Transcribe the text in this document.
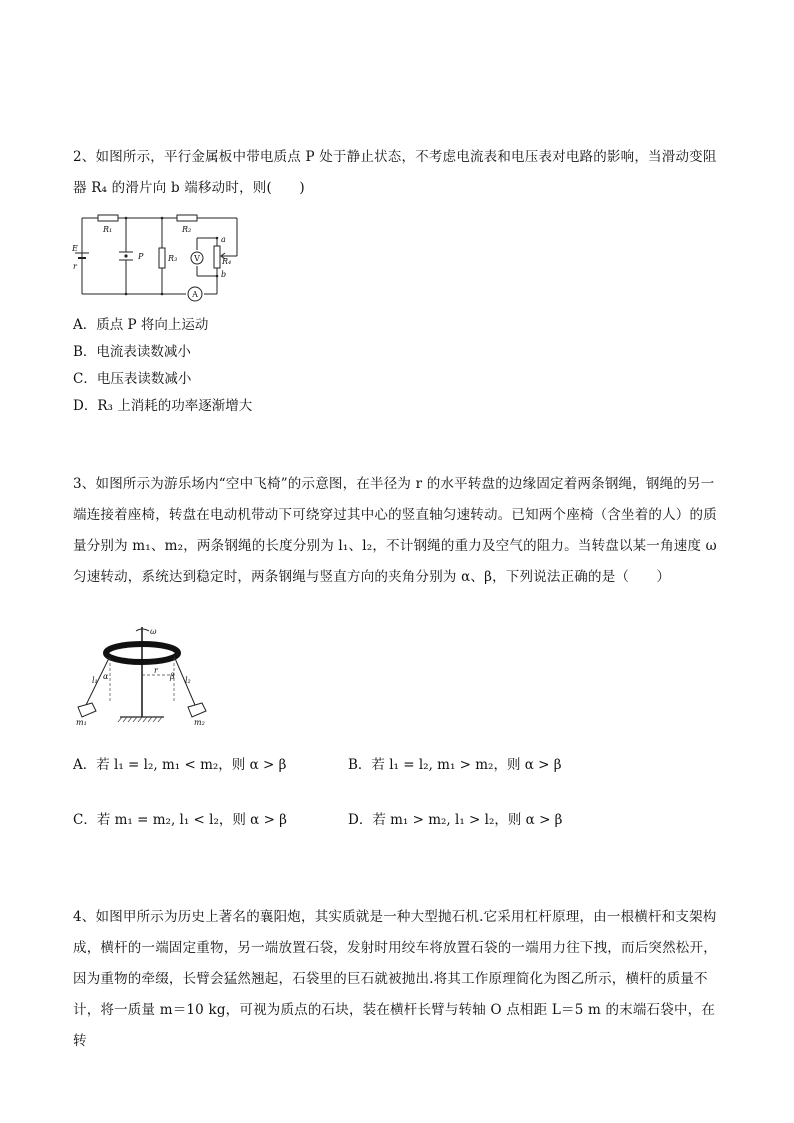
2、如图所示，平行金属板中带电质点 P 处于静止状态，不考虑电流表和电压表对电路的影响，当滑动变阻器 R₄ 的滑片向 b 端移动时，则(　　)
R₁	R₂
R₃	R₄
E
r
P
a
b
V
A
A．质点 P 将向上运动
B．电流表读数减小
C．电压表读数减小
D．R₃ 上消耗的功率逐渐增大
3、如图所示为游乐场内“空中飞椅”的示意图，在半径为 r 的水平转盘的边缘固定着两条钢绳，钢绳的另一端连接着座椅，转盘在电动机带动下可绕穿过其中心的竖直轴匀速转动。已知两个座椅（含坐着的人）的质量分别为 m₁、m₂，两条钢绳的长度分别为 l₁、l₂，不计钢绳的重力及空气的阻力。当转盘以某一角速度 ω 匀速转动，系统达到稳定时，两条钢绳与竖直方向的夹角分别为 α、β，下列说法正确的是（　　）
ω
r
l₁	l₂
α	β
m₁	m₂
A．若 l₁ = l₂, m₁ < m₂，则 α > β	B．若 l₁ = l₂, m₁ > m₂，则 α > β
C．若 m₁ = m₂, l₁ < l₂，则 α > β	D．若 m₁ > m₂, l₁ > l₂，则 α > β
4、如图甲所示为历史上著名的襄阳炮，其实质就是一种大型抛石机.它采用杠杆原理，由一根横杆和支架构成，横杆的一端固定重物，另一端放置石袋，发射时用绞车将放置石袋的一端用力往下拽，而后突然松开，因为重物的牵缀，长臂会猛然翘起，石袋里的巨石就被抛出.将其工作原理简化为图乙所示，横杆的质量不计，将一质量 m＝10 kg，可视为质点的石块，装在横杆长臂与转轴 O 点相距 L＝5 m 的末端石袋中，在转
